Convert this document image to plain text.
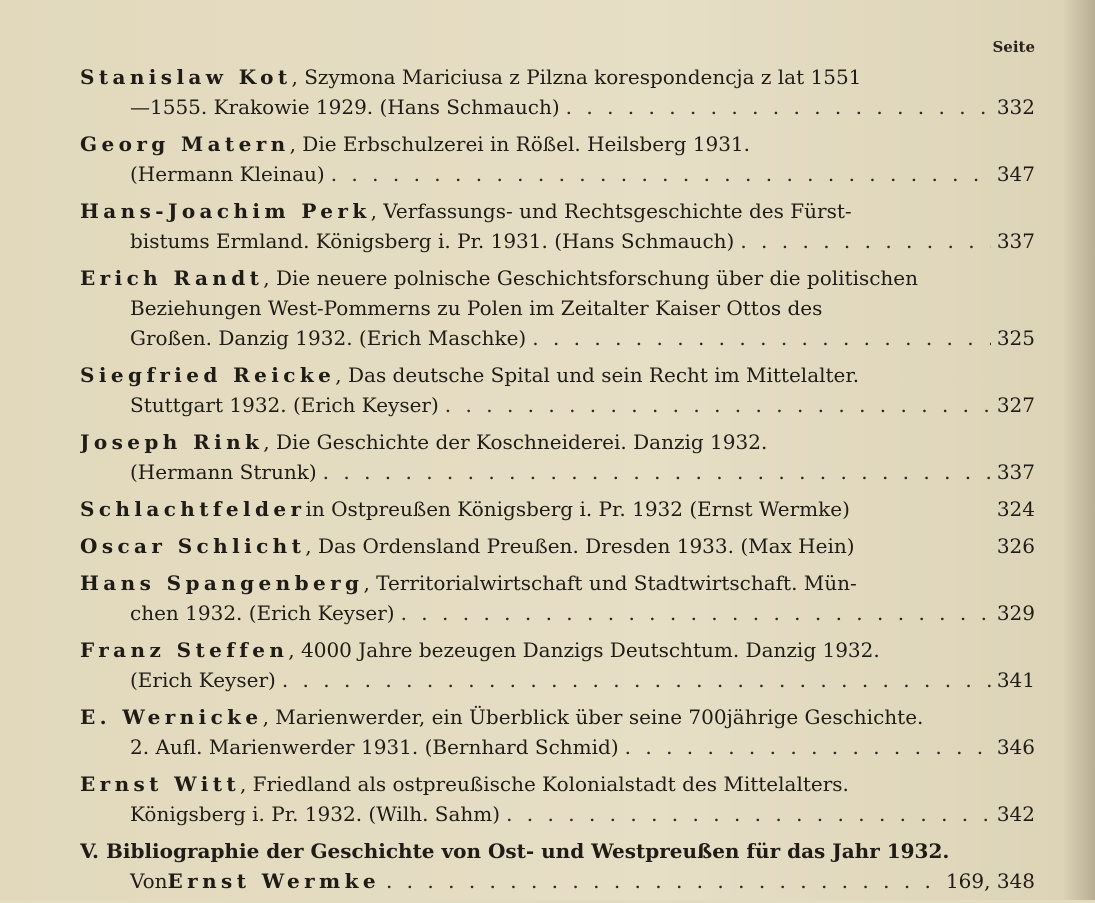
Seite
Stanislaw Kot , Szymona Mariciusa z Pilzna korespondencja z lat 1551
—1555. Krakowie 1929. (Hans Schmauch) . . .	332
Georg Matern , Die Erbschulzerei in Rößel. Heilsberg 1931.
(Hermann Kleinau) . . .	347
Hans-Joachim Perk , Verfassungs- und Rechtsgeschichte des Fürst-
bistums Ermland. Königsberg i. Pr. 1931. (Hans Schmauch) . . .	337
Erich Randt , Die neuere polnische Geschichtsforschung über die politischen
Beziehungen West-Pommerns zu Polen im Zeitalter Kaiser Ottos des
Großen. Danzig 1932. (Erich Maschke) . . .	325
Siegfried Reicke , Das deutsche Spital und sein Recht im Mittelalter.
Stuttgart 1932. (Erich Keyser) . . .	327
Joseph Rink , Die Geschichte der Koschneiderei. Danzig 1932.
(Hermann Strunk) . . .	337
Schlachtfelder in Ostpreußen Königsberg i. Pr. 1932 (Ernst Wermke)	324
Oscar Schlicht , Das Ordensland Preußen. Dresden 1933. (Max Hein)	326
Hans Spangenberg , Territorialwirtschaft und Stadtwirtschaft. Mün-
chen 1932. (Erich Keyser) . . .	329
Franz Steffen , 4000 Jahre bezeugen Danzigs Deutschtum. Danzig 1932.
(Erich Keyser) . . .	341
E. Wernicke , Marienwerder, ein Überblick über seine 700jährige Geschichte.
2. Aufl. Marienwerder 1931. (Bernhard Schmid) . . .	346
Ernst Witt , Friedland als ostpreußische Kolonialstadt des Mittelalters.
Königsberg i. Pr. 1932. (Wilh. Sahm) . . .	342
V. Bibliographie der Geschichte von Ost- und Westpreußen für das Jahr 1932.
Von Ernst Wermke . . .	169, 348
